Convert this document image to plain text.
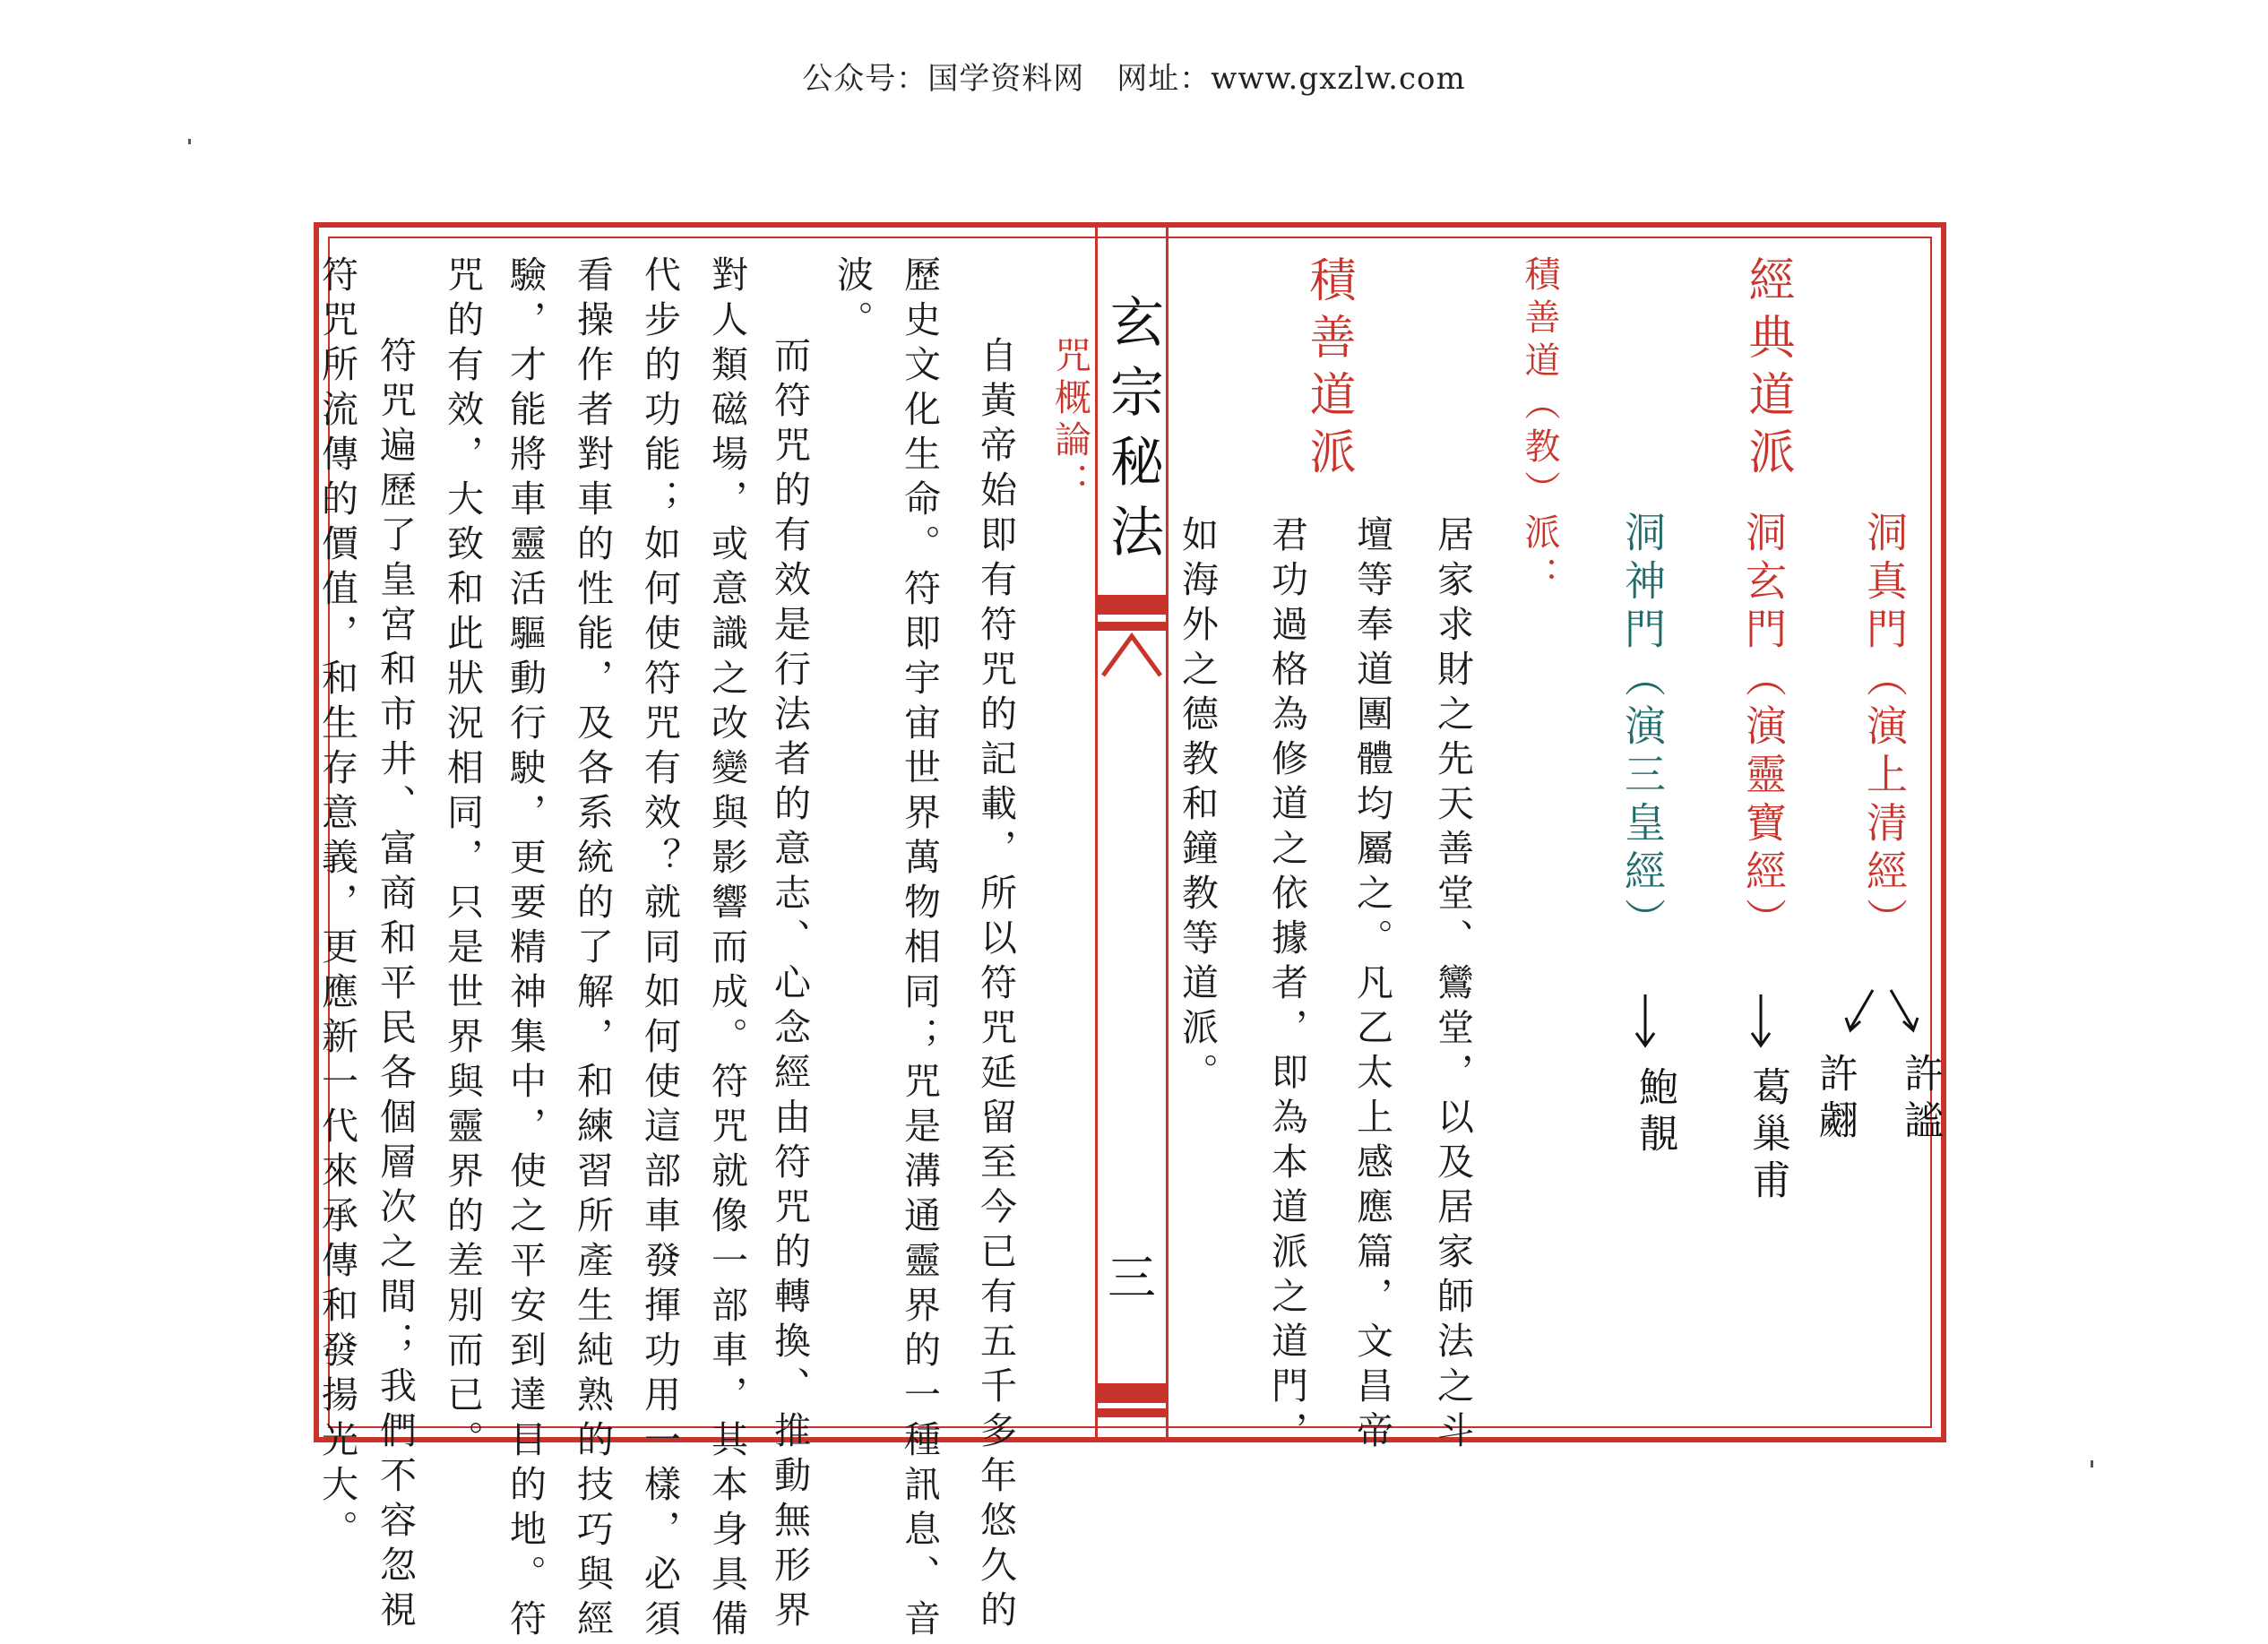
公众号：国学资料网 网址：www.gxzlw.com
玄宗秘法
三
經典道派
洞真門（演上清經）
洞玄門（演靈寶經）
洞神門（演三皇經）
許謐
許翽
葛巢甫
鮑靚
積善道（教）派：
居家求財之先天善堂、鸞堂，以及居家師法之斗
壇等奉道團體均屬之。凡乙太上感應篇，文昌帝
君功過格為修道之依據者，即為本道派之道門，
如海外之德教和鐘教等道派。
積善道派
咒概論：
自黃帝始即有符咒的記載，所以符咒延留至今已有五千多年悠久的
歷史文化生命。符即宇宙世界萬物相同；咒是溝通靈界的一種訊息、音
波。
而符咒的有效是行法者的意志、心念經由符咒的轉換、推動無形界
對人類磁場，或意識之改變與影響而成。符咒就像一部車，其本身具備
代步的功能；如何使符咒有效？就同如何使這部車發揮功用一樣，必須
看操作者對車的性能，及各系統的了解，和練習所產生純熟的技巧與經
驗，才能將車靈活驅動行駛，更要精神集中，使之平安到達目的地。符
咒的有效，大致和此狀況相同，只是世界與靈界的差別而已。
符咒遍歷了皇宮和市井、富商和平民各個層次之間；我們不容忽視
符咒所流傳的價值，和生存意義，更應新一代來承傳和發揚光大。
